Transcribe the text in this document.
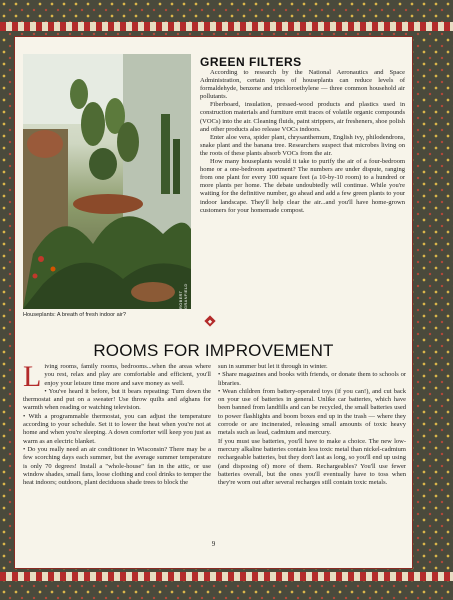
ROBERT GRANFIELD
Houseplants: A breath of fresh indoor air?
GREEN FILTERS

According to research by the National Aeronautics and Space Administration, certain types of houseplants can reduce levels of formaldehyde, benzene and trichloroethylene — three common household air pollutants.

Fiberboard, insulation, pressed-wood products and plastics used in construction materials and furniture emit traces of volatile organic compounds (VOCs) into the air. Cleaning fluids, paint strippers, air fresheners, shoe polish and other products also release VOCs indoors.

Enter aloe vera, spider plant, chrysanthemum, English ivy, philodendrons, snake plant and the banana tree. Researchers suspect that microbes living on the roots of these plants absorb VOCs from the air.

How many houseplants would it take to purify the air of a four-bedroom home or a one-bedroom apartment? The numbers are under dispute, ranging from one plant for every 100 square feet (a 10-by-10 room) to a hundred or more plants per home. The debate undoubtedly will continue. While you're waiting for the definitive number, go ahead and add a few green plants to your indoor landscape. They'll help clear the air...and you'll have home-grown customers for your homemade compost.

ROOMS FOR IMPROVEMENT

Living rooms, family rooms, bedrooms...when the areas where you rest, relax and play are comfortable and efficient, you'll enjoy your leisure time more and save money as well.

• You've heard it before, but it bears repeating: Turn down the thermostat and put on a sweater! Use throw quilts and afghans for warmth when reading or watching television.

• With a programmable thermostat, you can adjust the temperature according to your schedule. Set it to lower the heat when you're not at home and when you're sleeping. A down comforter will keep you just as warm as an electric blanket.

• Do you really need an air conditioner in Wisconsin? There may be a few scorching days each summer, but the average summer temperature is only 70 degrees! Install a "whole-house" fan in the attic, or use window shades, small fans, loose clothing and cool drinks to temper the heat indoors; outdoors, plant deciduous shade trees to block the

sun in summer but let it through in winter.

• Share magazines and books with friends, or donate them to schools or libraries.

• Wean children from battery-operated toys (if you can!), and cut back on your use of batteries in general. Unlike car batteries, which have been banned from landfills and can be recycled, the small batteries used to power flashlights and boom boxes end up in the trash — where they corrode or are incinerated, releasing small amounts of toxic heavy metals such as lead, cadmium and mercury.

If you must use batteries, you'll have to make a choice. The new low-mercury alkaline batteries contain less toxic metal than nickel-cadmium rechargeable batteries, but they don't last as long, so you'll end up using (and disposing of) more of them. Rechargeables? You'll use fewer batteries overall, but the ones you'll eventually have to toss when they're worn out after several recharges still contain toxic metals.

9
